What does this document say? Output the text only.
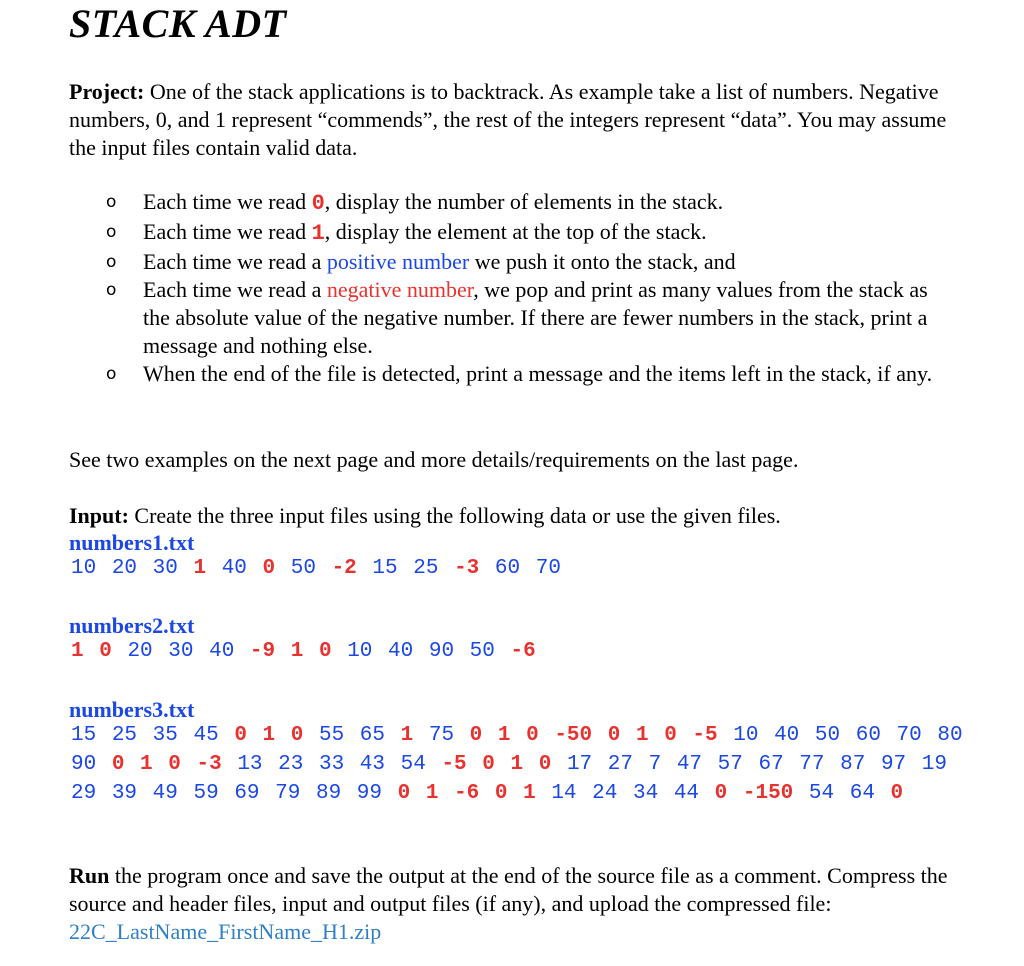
STACK ADT
Project: One of the stack applications is to backtrack. As example take a list of numbers. Negative numbers, 0, and 1 represent “commends”, the rest of the integers represent “data”. You may assume the input files contain valid data.
o Each time we read 0, display the number of elements in the stack.
o Each time we read 1, display the element at the top of the stack.
o Each time we read a positive number we push it onto the stack, and
o Each time we read a negative number, we pop and print as many values from the stack as the absolute value of the negative number. If there are fewer numbers in the stack, print a message and nothing else.
o When the end of the file is detected, print a message and the items left in the stack, if any.
See two examples on the next page and more details/requirements on the last page.
Input: Create the three input files using the following data or use the given files.
numbers1.txt
10 20 30 1 40 0 50 -2 15 25 -3 60 70
numbers2.txt
1 0 20 30 40 -9 1 0 10 40 90 50 -6
numbers3.txt
15 25 35 45 0 1 0 55 65 1 75 0 1 0 -50 0 1 0 -5 10 40 50 60 70 80 90 0 1 0 -3 13 23 33 43 54 -5 0 1 0 17 27 7 47 57 67 77 87 97 19 29 39 49 59 69 79 89 99 0 1 -6 0 1 14 24 34 44 0 -150 54 64 0
Run the program once and save the output at the end of the source file as a comment. Compress the source and header files, input and output files (if any), and upload the compressed file: 22C_LastName_FirstName_H1.zip
